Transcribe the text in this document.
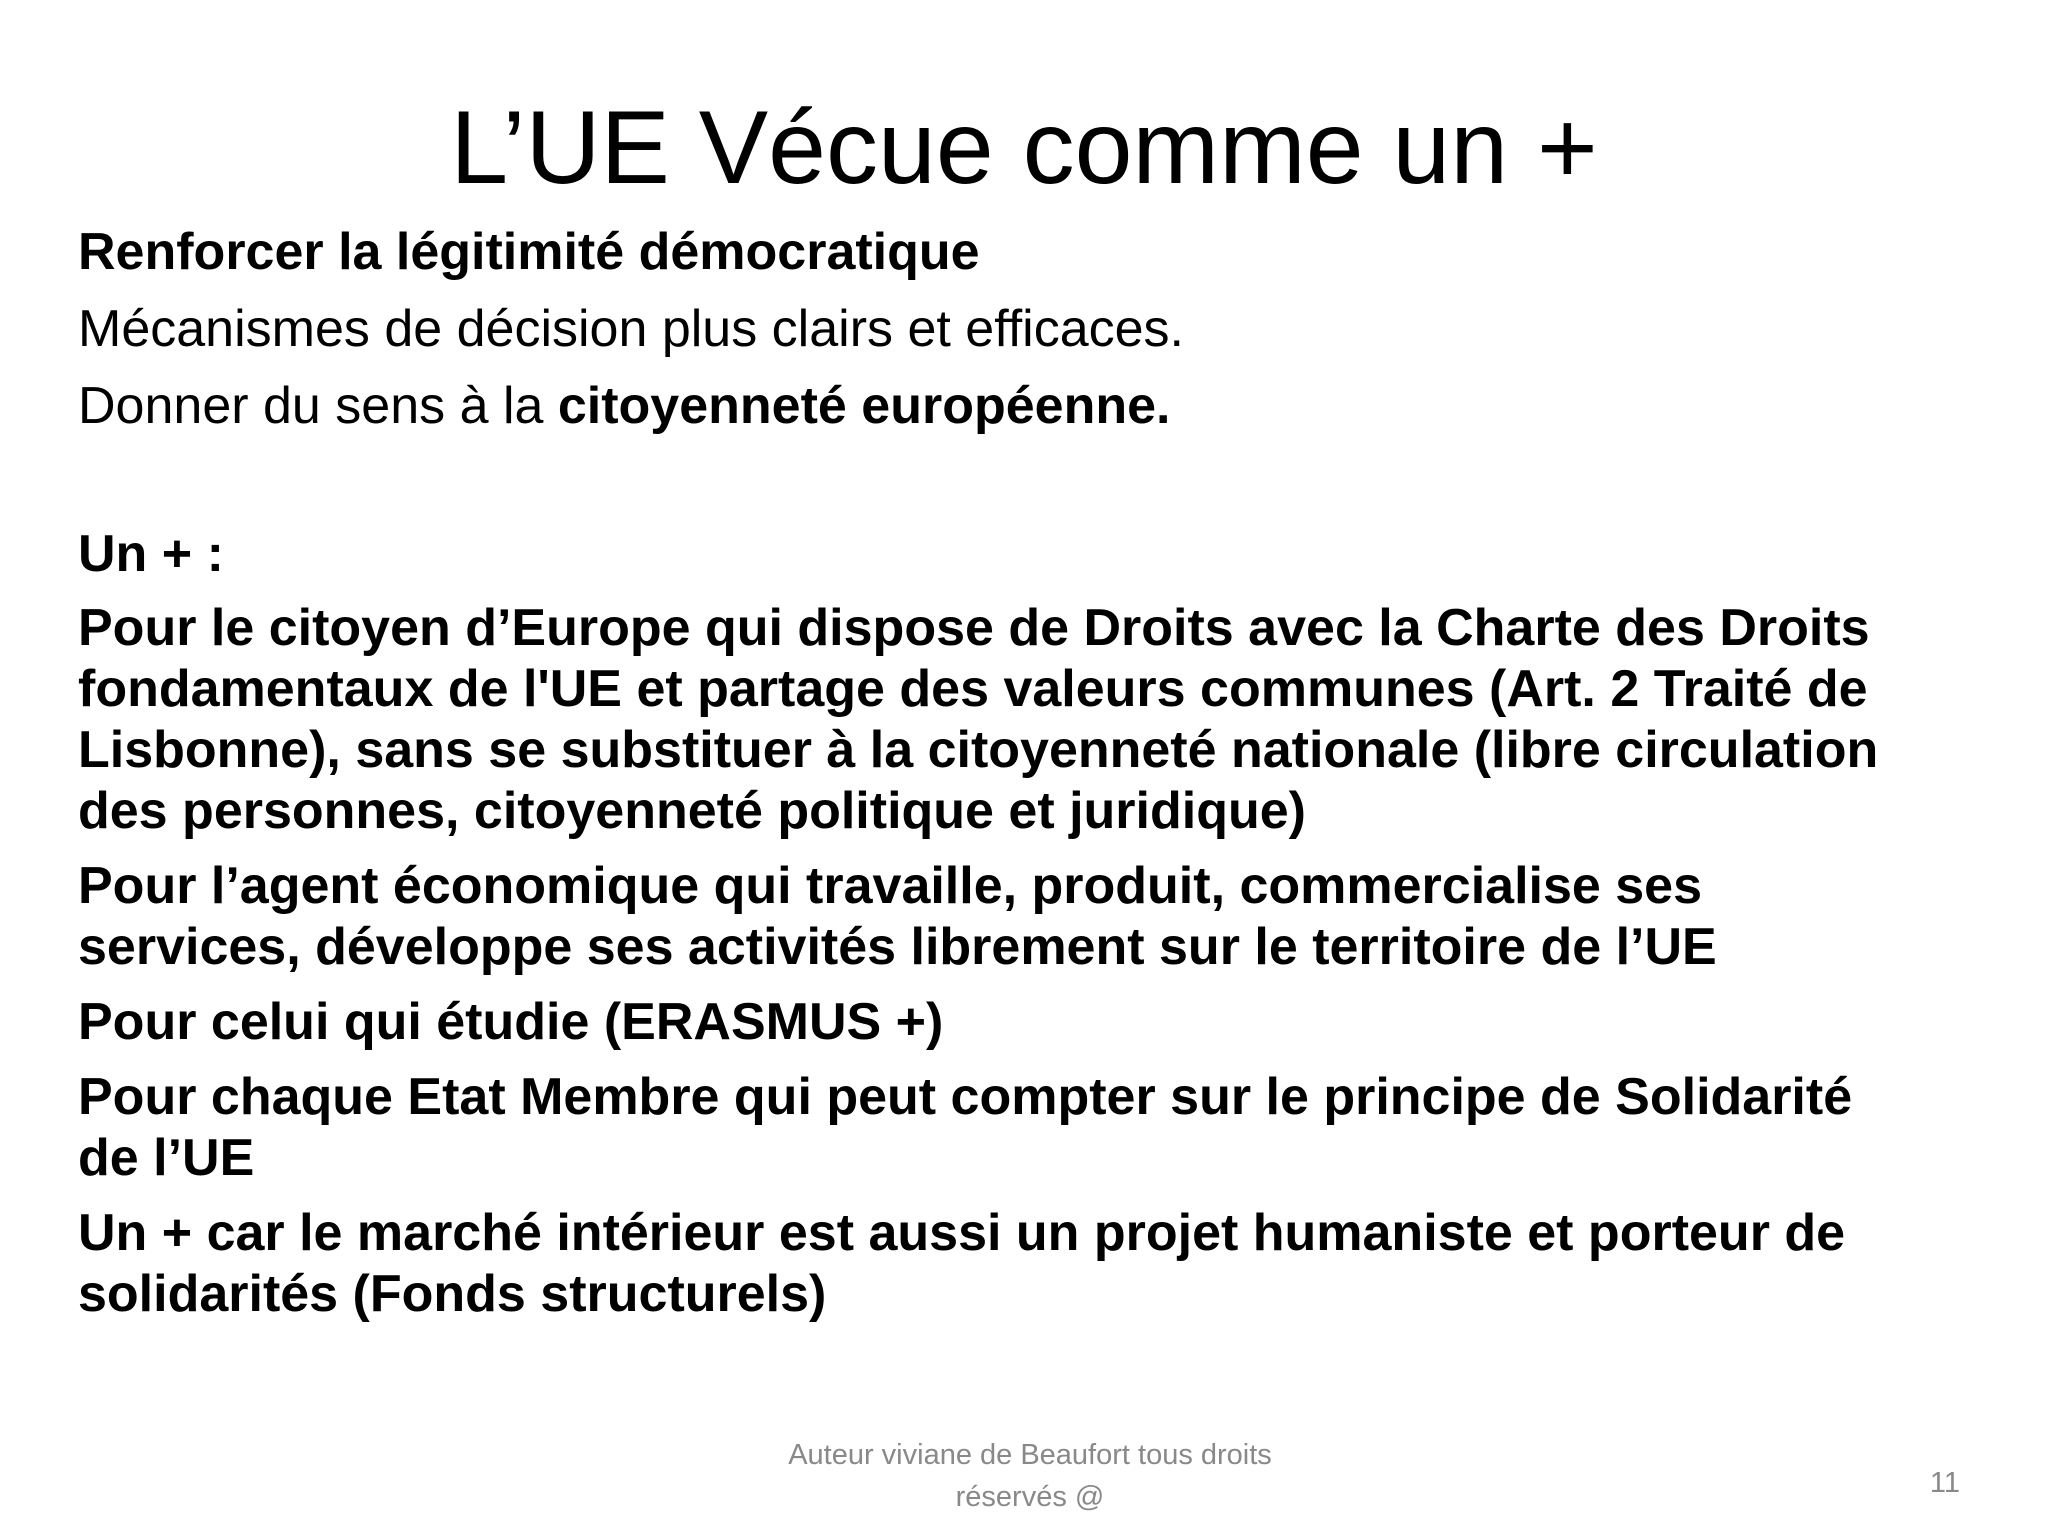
L’UE Vécue comme un +

Renforcer la légitimité démocratique

Mécanismes de décision plus clairs et efficaces.

Donner du sens à la citoyenneté européenne.

Un + :

Pour le citoyen d’Europe qui dispose de Droits avec la Charte des Droits
fondamentaux de l'UE et partage des valeurs communes (Art. 2 Traité de
Lisbonne), sans se substituer à la citoyenneté nationale (libre circulation
des personnes, citoyenneté politique et juridique)
Pour l’agent économique qui travaille, produit, commercialise ses
services, développe ses activités librement sur le territoire de l’UE
Pour celui qui étudie (ERASMUS +)
Pour chaque Etat Membre qui peut compter sur le principe de Solidarité
de l’UE
Un + car le marché intérieur est aussi un projet humaniste et porteur de
solidarités (Fonds structurels)
Auteur viviane de Beaufort tous droits
réservés @	11
